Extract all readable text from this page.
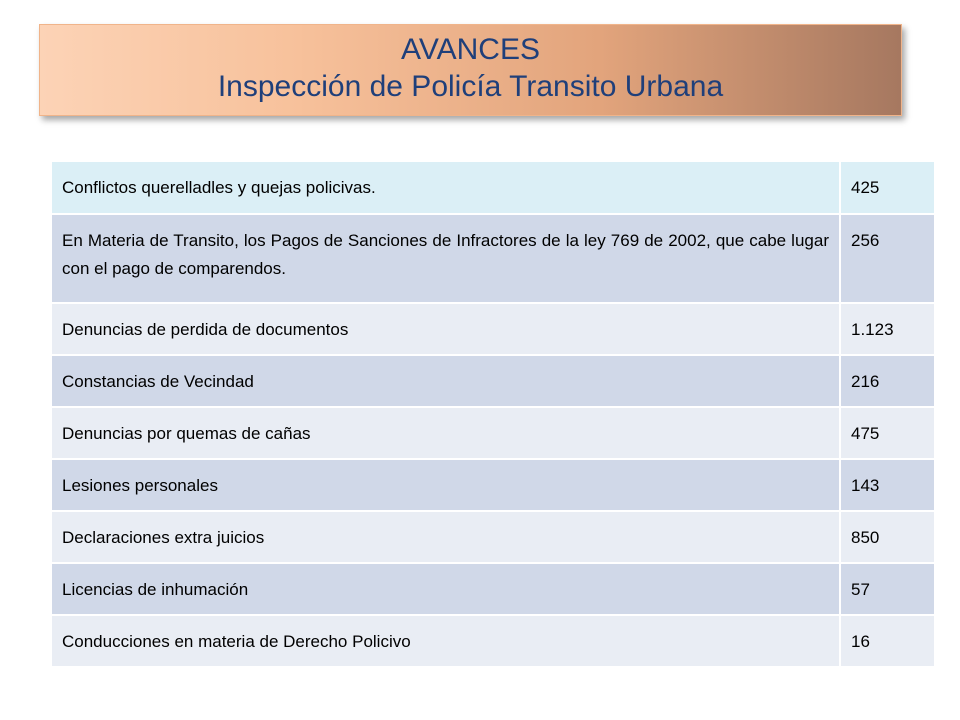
AVANCES
Inspección de Policía Transito Urbana
Conflictos querelladles y quejas policivas.	425
En Materia de Transito, los Pagos de Sanciones de Infractores de la ley 769 de 2002, que cabe lugar con el pago de comparendos.	256
Denuncias de perdida de documentos	1.123
Constancias de Vecindad	216
Denuncias por quemas de cañas	475
Lesiones personales	143
Declaraciones extra juicios	850
Licencias de inhumación	57
Conducciones en materia de Derecho Policivo	16
